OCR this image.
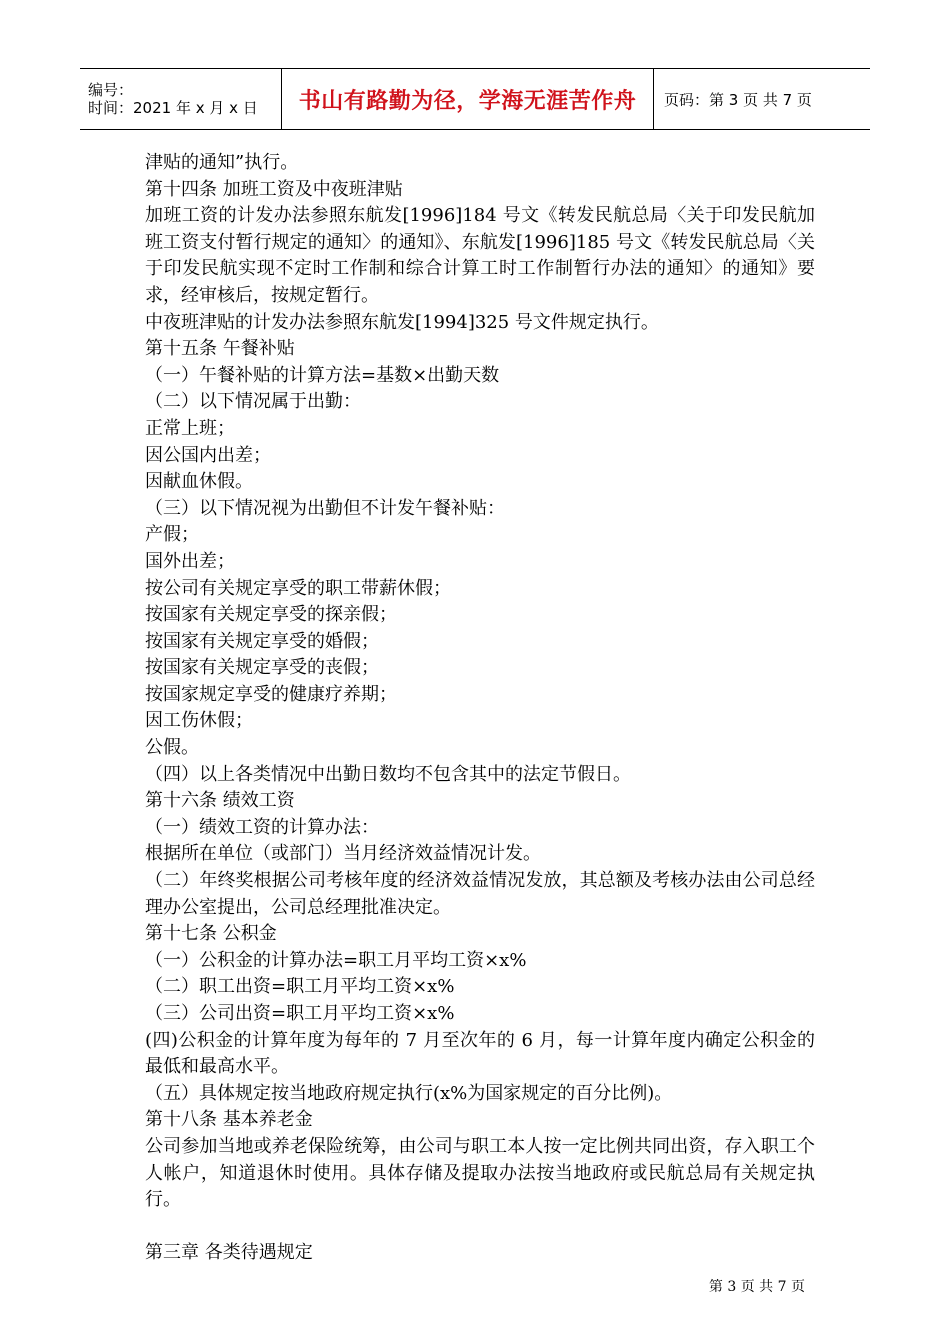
编号：
时间：2021 年 x 月 x 日	书山有路勤为径，学海无涯苦作舟	页码：第 3 页 共 7 页

津贴的通知”执行。

第十四条 加班工资及中夜班津贴

加班工资的计发办法参照东航发[1996]184 号文《转发民航总局〈关于印发民航加班工资支付暂行规定的通知〉的通知》、东航发[1996]185 号文《转发民航总局〈关于印发民航实现不定时工作制和综合计算工时工作制暂行办法的通知〉的通知》要求，经审核后，按规定暂行。

中夜班津贴的计发办法参照东航发[1994]325 号文件规定执行。

第十五条 午餐补贴

（一）午餐补贴的计算方法=基数×出勤天数

（二）以下情况属于出勤：

正常上班；

因公国内出差；

因献血休假。

（三）以下情况视为出勤但不计发午餐补贴：

产假；

国外出差；

按公司有关规定享受的职工带薪休假；

按国家有关规定享受的探亲假；

按国家有关规定享受的婚假；

按国家有关规定享受的丧假；

按国家规定享受的健康疗养期；

因工伤休假；

公假。

（四）以上各类情况中出勤日数均不包含其中的法定节假日。

第十六条 绩效工资

（一）绩效工资的计算办法：

根据所在单位（或部门）当月经济效益情况计发。

（二）年终奖根据公司考核年度的经济效益情况发放，其总额及考核办法由公司总经理办公室提出，公司总经理批准决定。

第十七条 公积金

（一）公积金的计算办法=职工月平均工资×x%

（二）职工出资=职工月平均工资×x%

（三）公司出资=职工月平均工资×x%

(四)公积金的计算年度为每年的 7 月至次年的 6 月，每一计算年度内确定公积金的最低和最高水平。

（五）具体规定按当地政府规定执行(x%为国家规定的百分比例)。

第十八条 基本养老金

公司参加当地或养老保险统筹，由公司与职工本人按一定比例共同出资，存入职工个人帐户，知道退休时使用。具体存储及提取办法按当地政府或民航总局有关规定执行。

第三章 各类待遇规定

第 3 页 共 7 页
